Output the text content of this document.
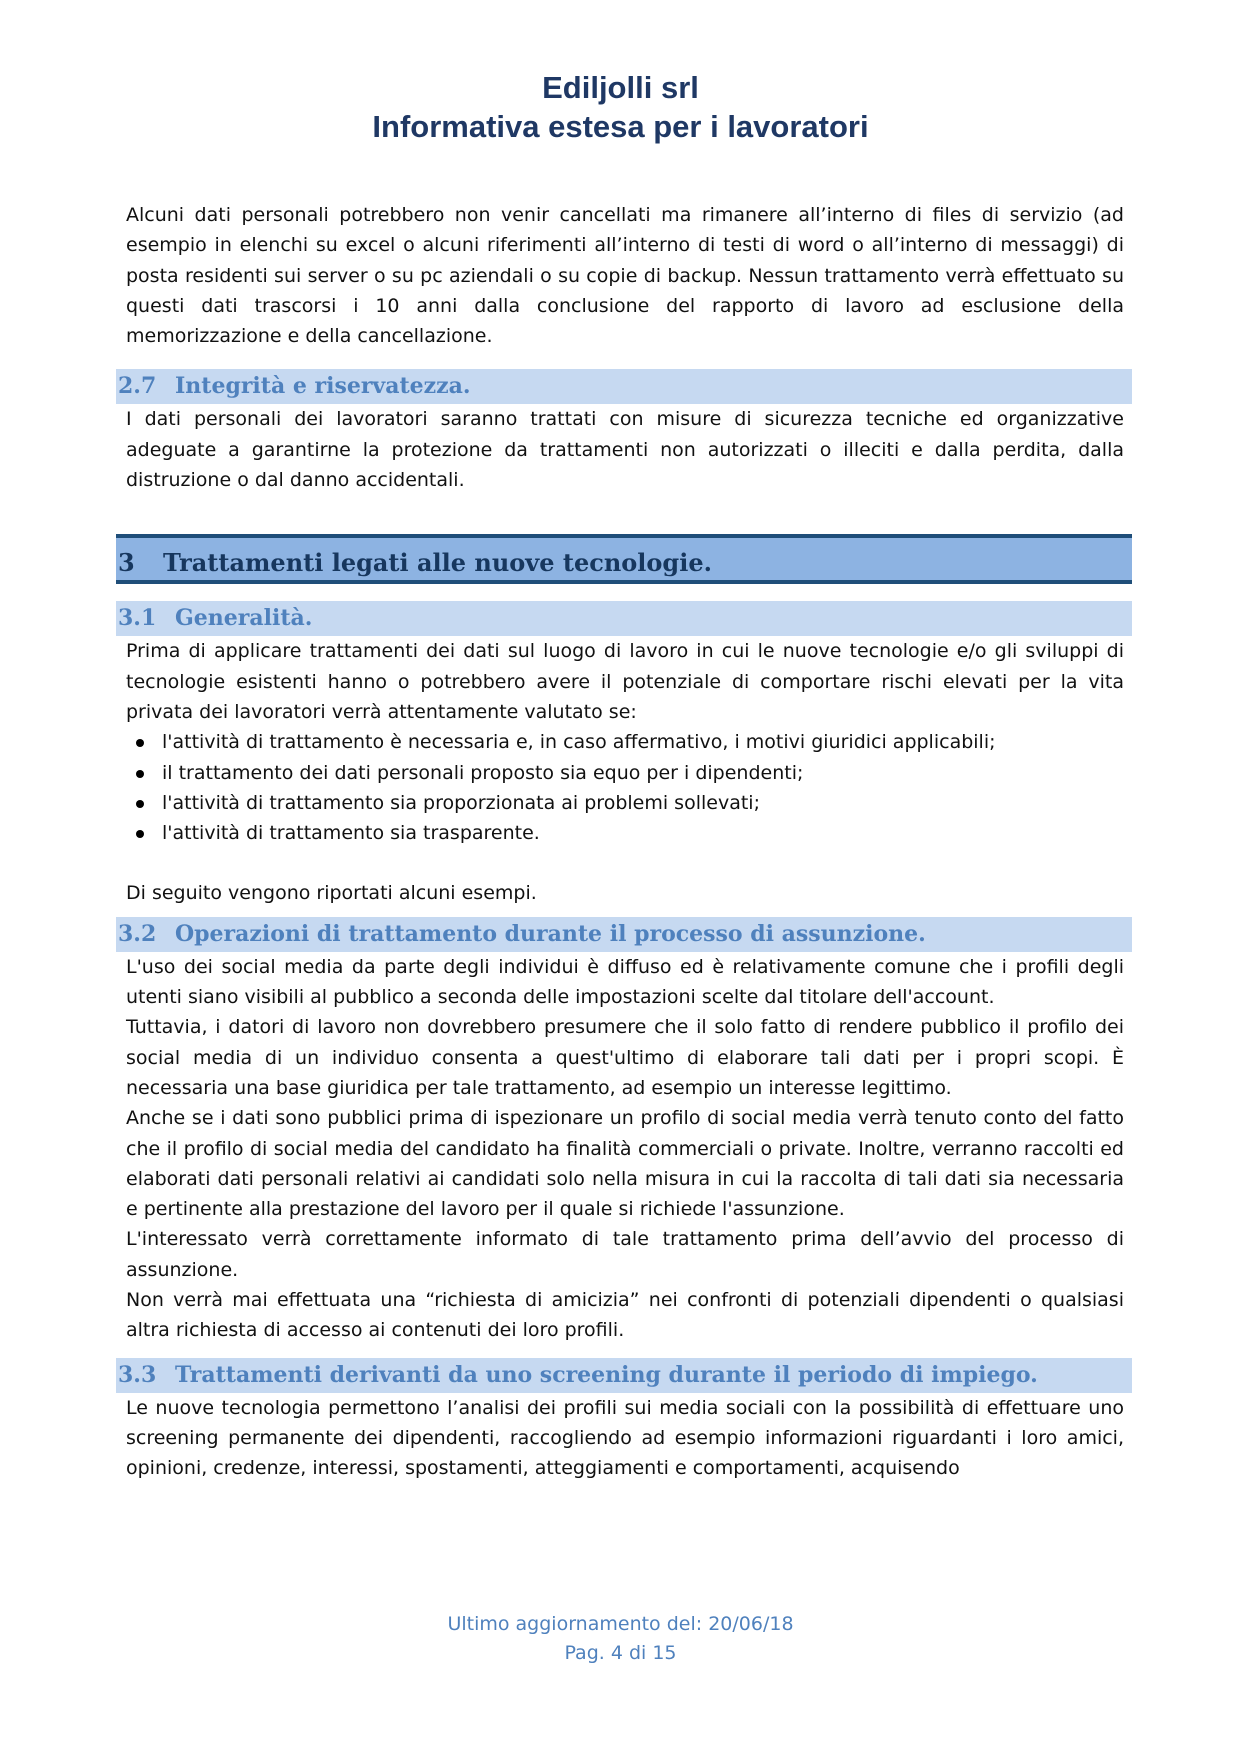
Ediljolli srl
Informativa estesa per i lavoratori

Alcuni dati personali potrebbero non venir cancellati ma rimanere all’interno di files di servizio (ad esempio in elenchi su excel o alcuni riferimenti all’interno di testi di word o all’interno di messaggi) di posta residenti sui server o su pc aziendali o su copie di backup. Nessun trattamento verrà effettuato su questi dati trascorsi i 10 anni dalla conclusione del rapporto di lavoro ad esclusione della memorizzazione e della cancellazione.

2.7 Integrità e riservatezza.

I dati personali dei lavoratori saranno trattati con misure di sicurezza tecniche ed organizzative adeguate a garantirne la protezione da trattamenti non autorizzati o illeciti e dalla perdita, dalla distruzione o dal danno accidentali.

3 Trattamenti legati alle nuove tecnologie.
3.1 Generalità.

Prima di applicare trattamenti dei dati sul luogo di lavoro in cui le nuove tecnologie e/o gli sviluppi di tecnologie esistenti hanno o potrebbero avere il potenziale di comportare rischi elevati per la vita privata dei lavoratori verrà attentamente valutato se:

l'attività di trattamento è necessaria e, in caso affermativo, i motivi giuridici applicabili;
il trattamento dei dati personali proposto sia equo per i dipendenti;
l'attività di trattamento sia proporzionata ai problemi sollevati;
l'attività di trattamento sia trasparente.

Di seguito vengono riportati alcuni esempi.

3.2 Operazioni di trattamento durante il processo di assunzione.

L'uso dei social media da parte degli individui è diffuso ed è relativamente comune che i profili degli utenti siano visibili al pubblico a seconda delle impostazioni scelte dal titolare dell'account.

Tuttavia, i datori di lavoro non dovrebbero presumere che il solo fatto di rendere pubblico il profilo dei social media di un individuo consenta a quest'ultimo di elaborare tali dati per i propri scopi. È necessaria una base giuridica per tale trattamento, ad esempio un interesse legittimo.

Anche se i dati sono pubblici prima di ispezionare un profilo di social media verrà tenuto conto del fatto che il profilo di social media del candidato ha finalità commerciali o private. Inoltre, verranno raccolti ed elaborati dati personali relativi ai candidati solo nella misura in cui la raccolta di tali dati sia necessaria e pertinente alla prestazione del lavoro per il quale si richiede l'assunzione.

L'interessato verrà correttamente informato di tale trattamento prima dell’avvio del processo di assunzione.

Non verrà mai effettuata una “richiesta di amicizia” nei confronti di potenziali dipendenti o qualsiasi altra richiesta di accesso ai contenuti dei loro profili.

3.3 Trattamenti derivanti da uno screening durante il periodo di impiego.

Le nuove tecnologia permettono l’analisi dei profili sui media sociali con la possibilità di effettuare uno screening permanente dei dipendenti, raccogliendo ad esempio informazioni riguardanti i loro amici, opinioni, credenze, interessi, spostamenti, atteggiamenti e comportamenti, acquisendo

Ultimo aggiornamento del: 20/06/18
Pag. 4 di 15
